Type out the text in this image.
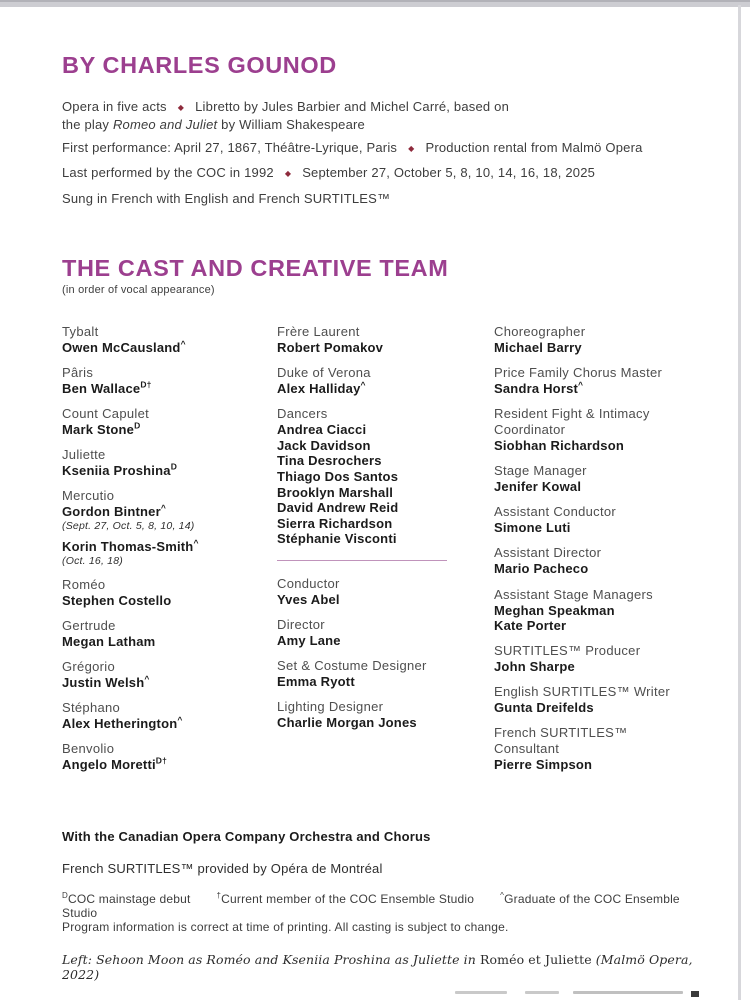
BY CHARLES GOUNOD
Opera in five acts ◆ Libretto by Jules Barbier and Michel Carré, based on
the play Romeo and Juliet by William Shakespeare
First performance: April 27, 1867, Théâtre-Lyrique, Paris ◆ Production rental from Malmö Opera
Last performed by the COC in 1992 ◆ September 27, October 5, 8, 10, 14, 16, 18, 2025
Sung in French with English and French SURTITLES™
THE CAST AND CREATIVE TEAM
(in order of vocal appearance)
Tybalt
Owen McCausland^
Pâris
Ben Wallace$^{D\dagger}$
Count Capulet
Mark Stone$^D$
Juliette
Kseniia Proshina$^D$
Mercutio
Gordon Bintner^
(Sept. 27, Oct. 5, 8, 10, 14)
Korin Thomas-Smith^
(Oct. 16, 18)
Roméo
Stephen Costello
Gertrude
Megan Latham
Grégorio
Justin Welsh^
Stéphano
Alex Hetherington^
Benvolio
Angelo Moretti$^{D\dagger}$
Frère Laurent
Robert Pomakov
Duke of Verona
Alex Halliday^
Dancers
Andrea Ciacci
Jack Davidson
Tina Desrochers
Thiago Dos Santos
Brooklyn Marshall
David Andrew Reid
Sierra Richardson
Stéphanie Visconti
Conductor
Yves Abel
Director
Amy Lane
Set & Costume Designer
Emma Ryott
Lighting Designer
Charlie Morgan Jones
Choreographer
Michael Barry
Price Family Chorus Master
Sandra Horst^
Resident Fight & Intimacy Coordinator
Siobhan Richardson
Stage Manager
Jenifer Kowal
Assistant Conductor
Simone Luti
Assistant Director
Mario Pacheco
Assistant Stage Managers
Meghan Speakman
Kate Porter
SURTITLES™ Producer
John Sharpe
English SURTITLES™ Writer
Gunta Dreifelds
French SURTITLES™ Consultant
Pierre Simpson
With the Canadian Opera Company Orchestra and Chorus
French SURTITLES™ provided by Opéra de Montréal
$^D$COC mainstage debut	†Current member of the COC Ensemble Studio	^Graduate of the COC Ensemble Studio
Program information is correct at time of printing. All casting is subject to change.
Left: Sehoon Moon as Roméo and Kseniia Proshina as Juliette in Roméo et Juliette (Malmö Opera, 2022)
